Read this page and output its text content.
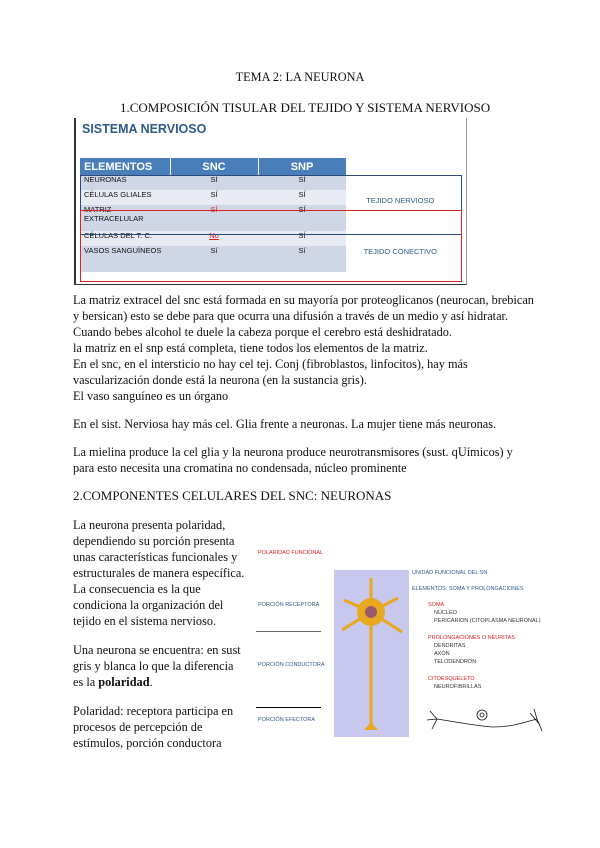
TEMA 2: LA NEURONA
1.COMPOSICIÓN TISULAR DEL TEJIDO Y SISTEMA NERVIOSO
SISTEMA NERVIOSO
ELEMENTOS	SNC	SNP	
NEURONAS	SÍ	SÍ	TEJIDO NERVIOSO
CÉLULAS GLIALES	SÍ	SÍ	
MATRIZ EXTRACELULAR	SÍ	SÍ	
CÉLULAS DEL T. C.	No	SÍ	TEJIDO CONECTIVO
VASOS SANGUÍNEOS	Sí	Sí	
La matriz extracel del snc está formada en su mayoría por proteoglicanos (neurocan, brebican
y bersican) esto se debe para que ocurra una difusión a través de un medio y así hidratar.
Cuando bebes alcohol te duele la cabeza porque el cerebro está deshidratado.
la matriz en el snp está completa, tiene todos los elementos de la matriz.
En el snc, en el intersticio no hay cel tej. Conj (fibroblastos, linfocitos), hay más
vascularización donde está la neurona (en la sustancia gris).
El vaso sanguíneo es un órgano
En el sist. Nerviosa hay más cel. Glia frente a neuronas. La mujer tiene más neuronas.
La mielina produce la cel glia y la neurona produce neurotransmisores (sust. qUímicos) y
para esto necesita una cromatina no condensada, núcleo prominente
2.COMPONENTES CELULARES DEL SNC: NEURONAS
La neurona presenta polaridad,
dependiendo su porción presenta
unas características funcionales y
estructurales de manera específica.
La consecuencia es la que
condiciona la organización del
tejido en el sistema nervioso.
Una neurona se encuentra: en sust
gris y blanca lo que la diferencia
es la polaridad.
Polaridad: receptora participa en
procesos de percepción de
estímulos, porción conductora
POLARIDAD FUNCIONAL
PORCIÓN RECEPTORA
PORCIÓN CONDUCTORA
PORCIÓN EFECTORA
UNIDAD FUNCIONAL DEL SN
ELEMENTOS: SOMA Y PROLONGACIONES
SOMA
NÚCLEO
PERICARION (CITOPLASMA NEURONAL)
PROLONGACIONES O NEURITAS
DENDRITAS
AXÓN
TELODENDRON
CITOESQUELETO
NEUROFIBRILLAS
